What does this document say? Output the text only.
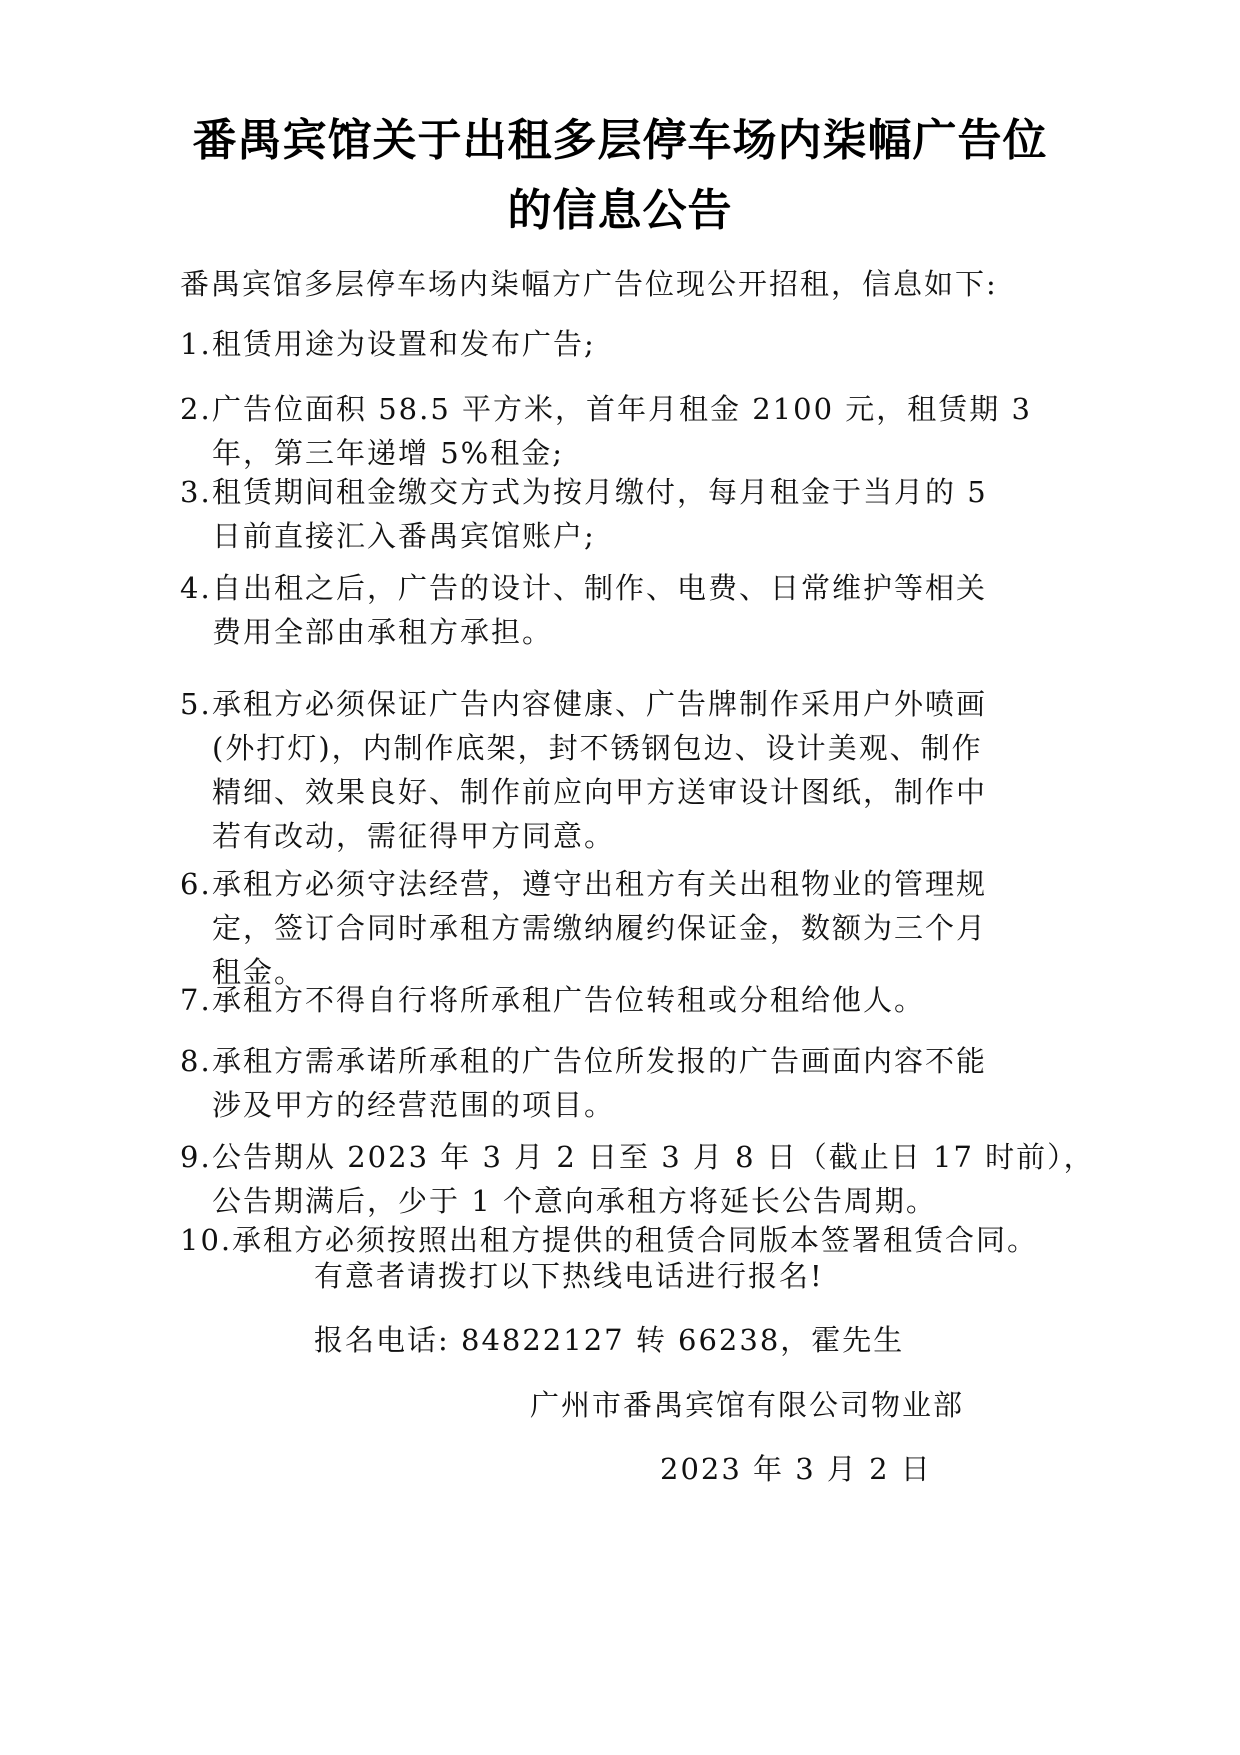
番禺宾馆关于出租多层停车场内柒幅广告位
的信息公告
番禺宾馆多层停车场内柒幅方广告位现公开招租，信息如下:
1. 租赁用途为设置和发布广告;
2. 广告位面积 58.5 平方米，首年月租金 2100 元，租赁期 3
年，第三年递增 5%租金;
3. 租赁期间租金缴交方式为按月缴付，每月租金于当月的 5
日前直接汇入番禺宾馆账户;
4. 自出租之后，广告的设计、制作、电费、日常维护等相关
费用全部由承租方承担。
5. 承租方必须保证广告内容健康、广告牌制作采用户外喷画
(外打灯)，内制作底架，封不锈钢包边、设计美观、制作
精细、效果良好、制作前应向甲方送审设计图纸，制作中
若有改动，需征得甲方同意。
6. 承租方必须守法经营，遵守出租方有关出租物业的管理规
定，签订合同时承租方需缴纳履约保证金，数额为三个月
租金。
7. 承租方不得自行将所承租广告位转租或分租给他人。
8. 承租方需承诺所承租的广告位所发报的广告画面内容不能
涉及甲方的经营范围的项目。
9. 公告期从 2023 年 3 月 2 日至 3 月 8 日（截止日 17 时前），
公告期满后，少于 1 个意向承租方将延长公告周期。
10. 承租方必须按照出租方提供的租赁合同版本签署租赁合同。
有意者请拨打以下热线电话进行报名!
报名电话: 84822127 转 66238，霍先生
广州市番禺宾馆有限公司物业部
2023 年 3 月 2 日
